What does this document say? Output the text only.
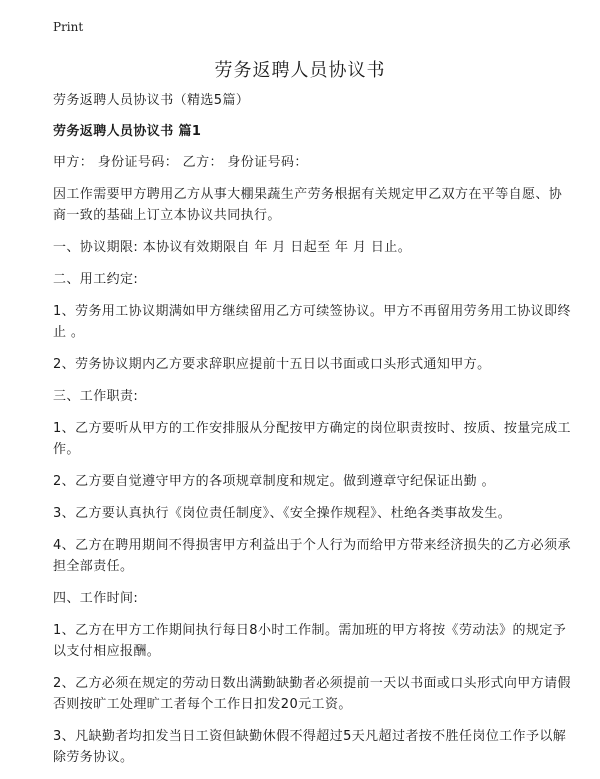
Print
劳务返聘人员协议书

劳务返聘人员协议书（精选5篇）

劳务返聘人员协议书 篇1

甲方： 身份证号码： 乙方： 身份证号码：

因工作需要甲方聘用乙方从事大棚果蔬生产劳务根据有关规定甲乙双方在平等自愿、协商一致的基础上订立本协议共同执行。

一、协议期限: 本协议有效期限自 年 月 日起至 年 月 日止。

二、用工约定:

1、劳务用工协议期满如甲方继续留用乙方可续签协议。甲方不再留用劳务用工协议即终止 。

2、劳务协议期内乙方要求辞职应提前十五日以书面或口头形式通知甲方。

三、工作职责:

1、乙方要听从甲方的工作安排服从分配按甲方确定的岗位职责按时、按质、按量完成工作。

2、乙方要自觉遵守甲方的各项规章制度和规定。做到遵章守纪保证出勤 。

3、乙方要认真执行《岗位责任制度》、《安全操作规程》、杜绝各类事故发生。

4、乙方在聘用期间不得损害甲方利益出于个人行为而给甲方带来经济损失的乙方必须承担全部责任。

四、工作时间:

1、乙方在甲方工作期间执行每日8小时工作制。需加班的甲方将按《劳动法》的规定予以支付相应报酬。

2、乙方必须在规定的劳动日数出满勤缺勤者必须提前一天以书面或口头形式向甲方请假否则按旷工处理旷工者每个工作日扣发20元工资。

3、凡缺勤者均扣发当日工资但缺勤休假不得超过5天凡超过者按不胜任岗位工作予以解除劳务协议。
